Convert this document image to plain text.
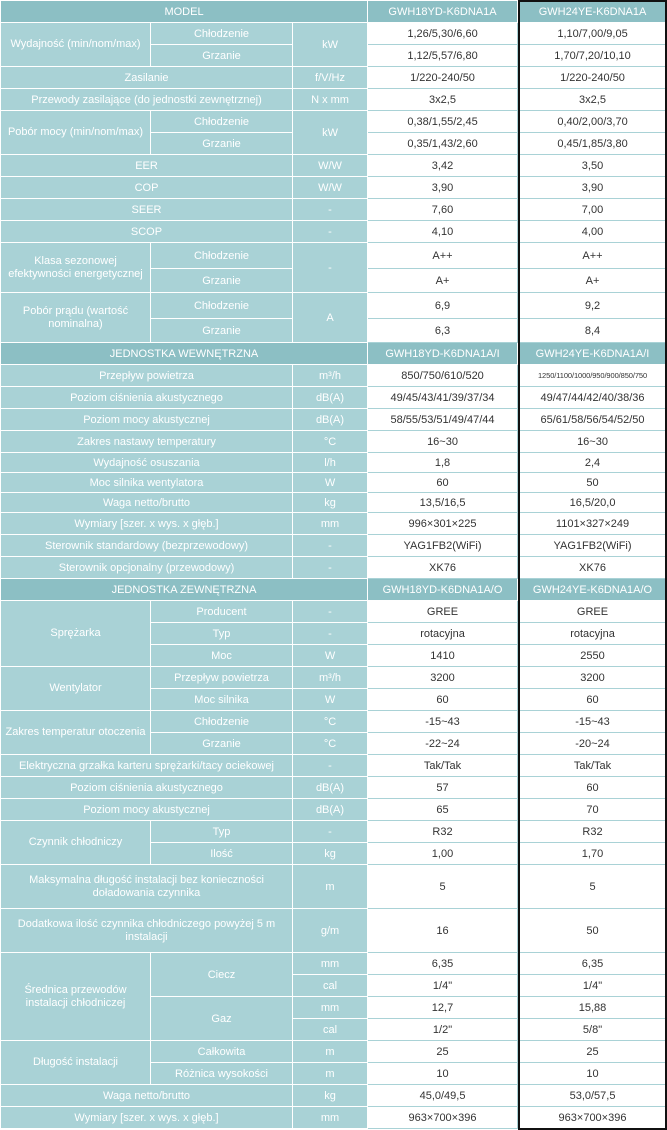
MODEL			GWH18YD-K6DNA1A	GWH24YE-K6DNA1A
Wydajność (min/nom/max)	Chłodzenie	kW	1,26/5,30/6,60	1,10/7,00/9,05
	Grzanie		1,12/5,57/6,80	1,70/7,20/10,10
Zasilanie		f/V/Hz	1/220-240/50	1/220-240/50
Przewody zasilające (do jednostki zewnętrznej)		N x mm	3x2,5	3x2,5
Pobór mocy (min/nom/max)	Chłodzenie	kW	0,38/1,55/2,45	0,40/2,00/3,70
	Grzanie		0,35/1,43/2,60	0,45/1,85/3,80
EER		W/W	3,42	3,50
COP		W/W	3,90	3,90
SEER		-	7,60	7,00
SCOP		-	4,10	4,00
Klasa sezonowej efektywności energetycznej	Chłodzenie	-	A++	A++
	Grzanie		A+	A+
Pobór prądu (wartość nominalna)	Chłodzenie	A	6,9	9,2
	Grzanie		6,3	8,4
JEDNOSTKA WEWNĘTRZNA			GWH18YD-K6DNA1A/I	GWH24YE-K6DNA1A/I
Przepływ powietrza		m³/h	850/750/610/520	1250/1100/1000/950/900/850/750
Poziom ciśnienia akustycznego		dB(A)	49/45/43/41/39/37/34	49/47/44/42/40/38/36
Poziom mocy akustycznej		dB(A)	58/55/53/51/49/47/44	65/61/58/56/54/52/50
Zakres nastawy temperatury		°C	16~30	16~30
Wydajność osuszania		l/h	1,8	2,4
Moc silnika wentylatora		W	60	50
Waga netto/brutto		kg	13,5/16,5	16,5/20,0
Wymiary [szer. x wys. x głęb.]		mm	996×301×225	1101×327×249
Sterownik standardowy (bezprzewodowy)		-	YAG1FB2(WiFi)	YAG1FB2(WiFi)
Sterownik opcjonalny (przewodowy)		-	XK76	XK76
JEDNOSTKA ZEWNĘTRZNA			GWH18YD-K6DNA1A/O	GWH24YE-K6DNA1A/O
Sprężarka	Producent	-	GREE	GREE
	Typ	-	rotacyjna	rotacyjna
	Moc	W	1410	2550
Wentylator	Przepływ powietrza	m³/h	3200	3200
	Moc silnika	W	60	60
Zakres temperatur otoczenia	Chłodzenie	°C	-15~43	-15~43
	Grzanie	°C	-22~24	-20~24
Elektryczna grzałka karteru sprężarki/tacy ociekowej		-	Tak/Tak	Tak/Tak
Poziom ciśnienia akustycznego		dB(A)	57	60
Poziom mocy akustycznej		dB(A)	65	70
Czynnik chłodniczy	Typ	-	R32	R32
	Ilość	kg	1,00	1,70
Maksymalna długość instalacji bez konieczności doładowania czynnika		m	5	5
Dodatkowa ilość czynnika chłodniczego powyżej 5 m instalacji		g/m	16	50
Średnica przewodów instalacji chłodniczej	Ciecz	mm	6,35	6,35
		cal	1/4"	1/4"
	Gaz	mm	12,7	15,88
		cal	1/2"	5/8"
Długość instalacji	Całkowita	m	25	25
	Różnica wysokości	m	10	10
Waga netto/brutto		kg	45,0/49,5	53,0/57,5
Wymiary [szer. x wys. x głęb.]		mm	963×700×396	963×700×396
